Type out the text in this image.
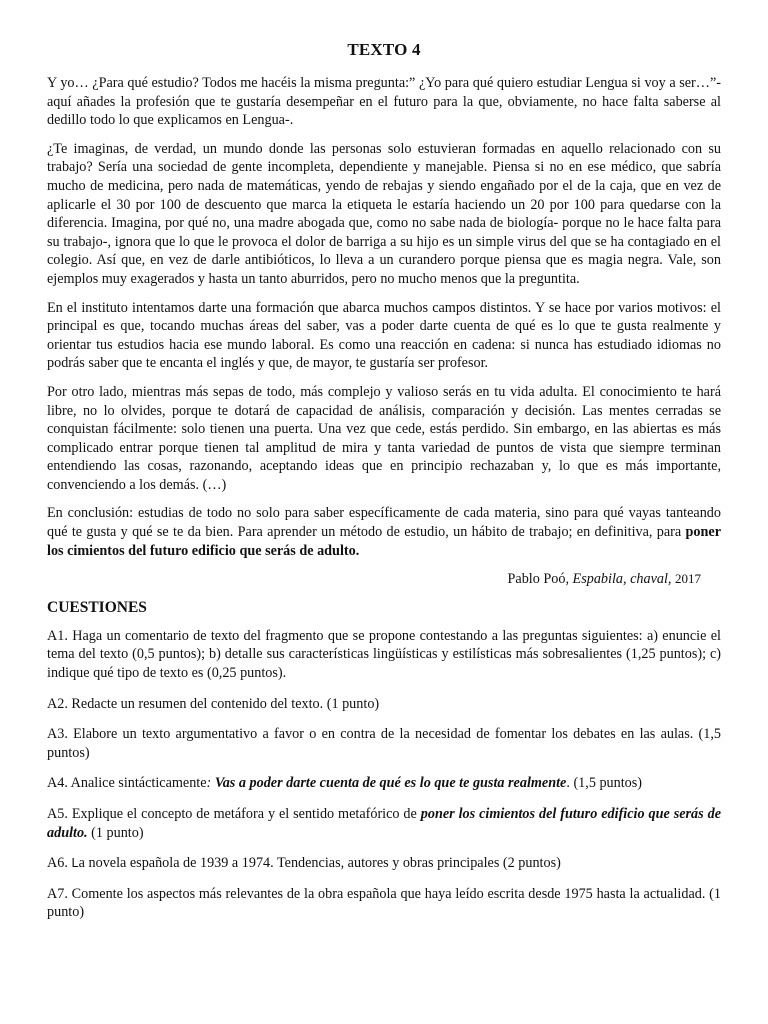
TEXTO 4

Y yo… ¿Para qué estudio? Todos me hacéis la misma pregunta:” ¿Yo para qué quiero estudiar Lengua si voy a ser…”- aquí añades la profesión que te gustaría desempeñar en el futuro para la que, obviamente, no hace falta saberse al dedillo todo lo que explicamos en Lengua-.

¿Te imaginas, de verdad, un mundo donde las personas solo estuvieran formadas en aquello relacionado con su trabajo? Sería una sociedad de gente incompleta, dependiente y manejable. Piensa si no en ese médico, que sabría mucho de medicina, pero nada de matemáticas, yendo de rebajas y siendo engañado por el de la caja, que en vez de aplicarle el 30 por 100 de descuento que marca la etiqueta le estaría haciendo un 20 por 100 para quedarse con la diferencia. Imagina, por qué no, una madre abogada que, como no sabe nada de biología- porque no le hace falta para su trabajo-, ignora que lo que le provoca el dolor de barriga a su hijo es un simple virus del que se ha contagiado en el colegio. Así que, en vez de darle antibióticos, lo lleva a un curandero porque piensa que es magia negra. Vale, son ejemplos muy exagerados y hasta un tanto aburridos, pero no mucho menos que la preguntita.

En el instituto intentamos darte una formación que abarca muchos campos distintos. Y se hace por varios motivos: el principal es que, tocando muchas áreas del saber, vas a poder darte cuenta de qué es lo que te gusta realmente y orientar tus estudios hacia ese mundo laboral. Es como una reacción en cadena: si nunca has estudiado idiomas no podrás saber que te encanta el inglés y que, de mayor, te gustaría ser profesor.

Por otro lado, mientras más sepas de todo, más complejo y valioso serás en tu vida adulta. El conocimiento te hará libre, no lo olvides, porque te dotará de capacidad de análisis, comparación y decisión. Las mentes cerradas se conquistan fácilmente: solo tienen una puerta. Una vez que cede, estás perdido. Sin embargo, en las abiertas es más complicado entrar porque tienen tal amplitud de mira y tanta variedad de puntos de vista que siempre terminan entendiendo las cosas, razonando, aceptando ideas que en principio rechazaban y, lo que es más importante, convenciendo a los demás. (…)

En conclusión: estudias de todo no solo para saber específicamente de cada materia, sino para qué vayas tanteando qué te gusta y qué se te da bien. Para aprender un método de estudio, un hábito de trabajo; en definitiva, para poner los cimientos del futuro edificio que serás de adulto.

Pablo Poó, Espabila, chaval, 2017
CUESTIONES

A1. Haga un comentario de texto del fragmento que se propone contestando a las preguntas siguientes: a) enuncie el tema del texto (0,5 puntos); b) detalle sus características lingüísticas y estilísticas más sobresalientes (1,25 puntos); c) indique qué tipo de texto es (0,25 puntos).

A2. Redacte un resumen del contenido del texto. (1 punto)

A3. Elabore un texto argumentativo a favor o en contra de la necesidad de fomentar los debates en las aulas. (1,5 puntos)

A4. Analice sintácticamente: Vas a poder darte cuenta de qué es lo que te gusta realmente. (1,5 puntos)

A5. Explique el concepto de metáfora y el sentido metafórico de poner los cimientos del futuro edificio que serás de adulto. (1 punto)

A6. La novela española de 1939 a 1974. Tendencias, autores y obras principales (2 puntos)

A7. Comente los aspectos más relevantes de la obra española que haya leído escrita desde 1975 hasta la actualidad. (1 punto)
